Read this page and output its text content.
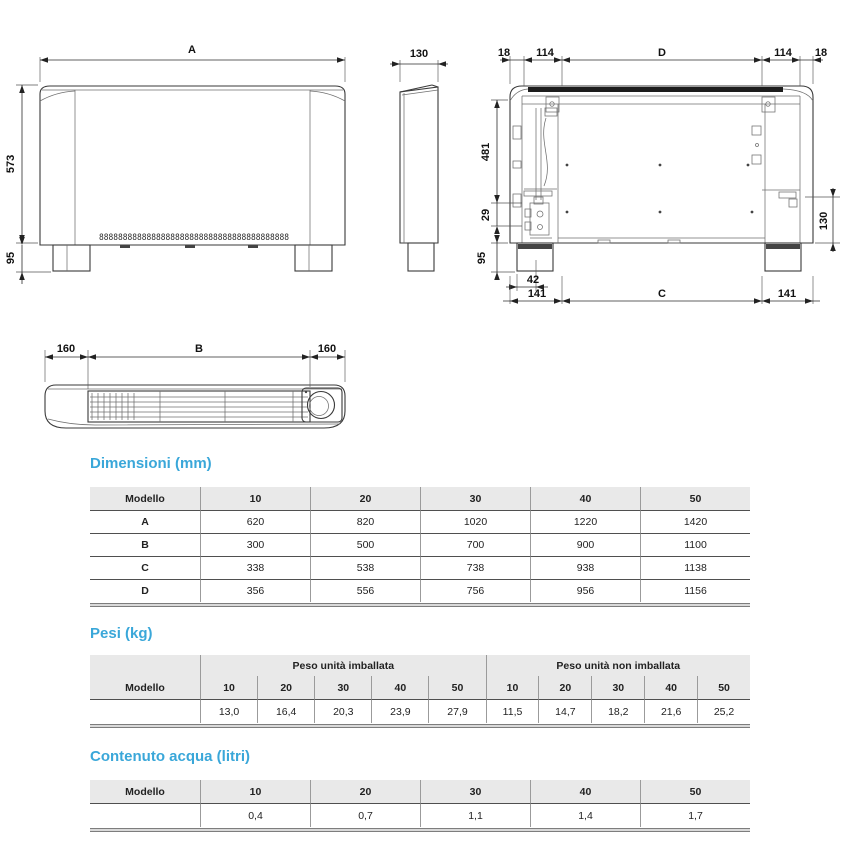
8888888888888888888888888888888888888888
A
573
95
130	18 114	D	114 18
481
29
95
130
42
141	C	141
160	B	160
Dimensioni (mm)
Modello	10	20	30	40	50
A	620	820	1020	1220	1420
B	300	500	700	900	1100
C	338	538	738	938	1138
D	356	556	756	956	1156
Pesi (kg)
Peso unità imballata	Peso unità non imballata
Modello	10	20	30	40	50	10	20	30	40	50
13,0	16,4	20,3	23,9	27,9	11,5	14,7	18,2	21,6	25,2
Contenuto acqua (litri)
Modello	10	20	30	40	50
0,4	0,7	1,1	1,4	1,7
